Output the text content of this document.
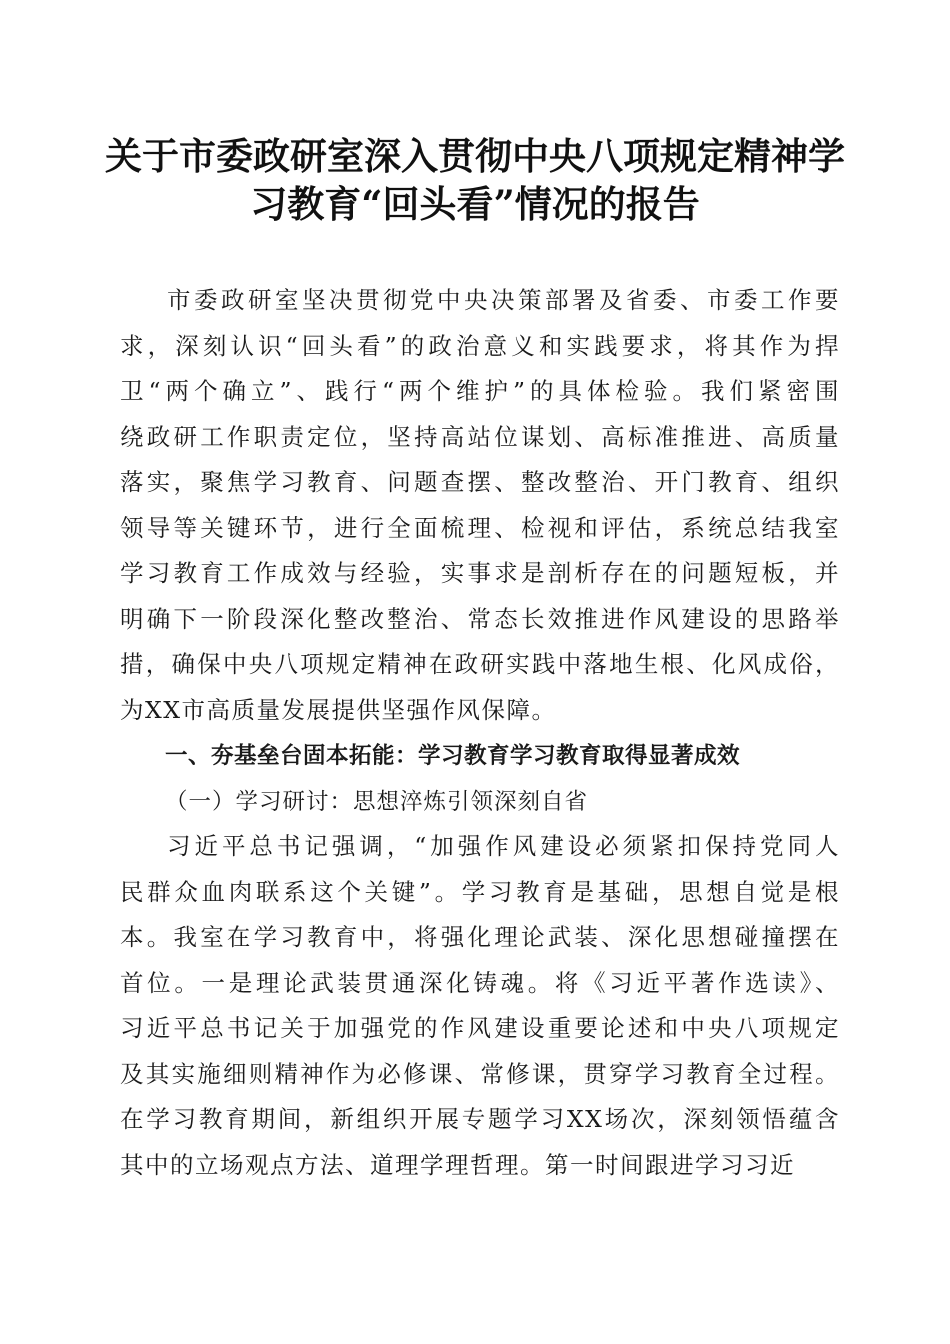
关于市委政研室深入贯彻中央八项规定精神学
习教育“回头看”情况的报告
市委政研室坚决贯彻党中央决策部署及省委、市委工作要
求，深刻认识“回头看”的政治意义和实践要求，将其作为捍
卫“两个确立”、践行“两个维护”的具体检验。我们紧密围
绕政研工作职责定位，坚持高站位谋划、高标准推进、高质量
落实，聚焦学习教育、问题查摆、整改整治、开门教育、组织
领导等关键环节，进行全面梳理、检视和评估，系统总结我室
学习教育工作成效与经验，实事求是剖析存在的问题短板，并
明确下一阶段深化整改整治、常态长效推进作风建设的思路举
措，确保中央八项规定精神在政研实践中落地生根、化风成俗，
为XX市高质量发展提供坚强作风保障。
一、夯基垒台固本拓能：学习教育学习教育取得显著成效
（一）学习研讨：思想淬炼引领深刻自省
习近平总书记强调，“加强作风建设必须紧扣保持党同人
民群众血肉联系这个关键”。学习教育是基础，思想自觉是根
本。我室在学习教育中，将强化理论武装、深化思想碰撞摆在
首位。一是理论武装贯通深化铸魂。将《习近平著作选读》、
习近平总书记关于加强党的作风建设重要论述和中央八项规定
及其实施细则精神作为必修课、常修课，贯穿学习教育全过程。
在学习教育期间，新组织开展专题学习XX场次，深刻领悟蕴含
其中的立场观点方法、道理学理哲理。第一时间跟进学习习近
